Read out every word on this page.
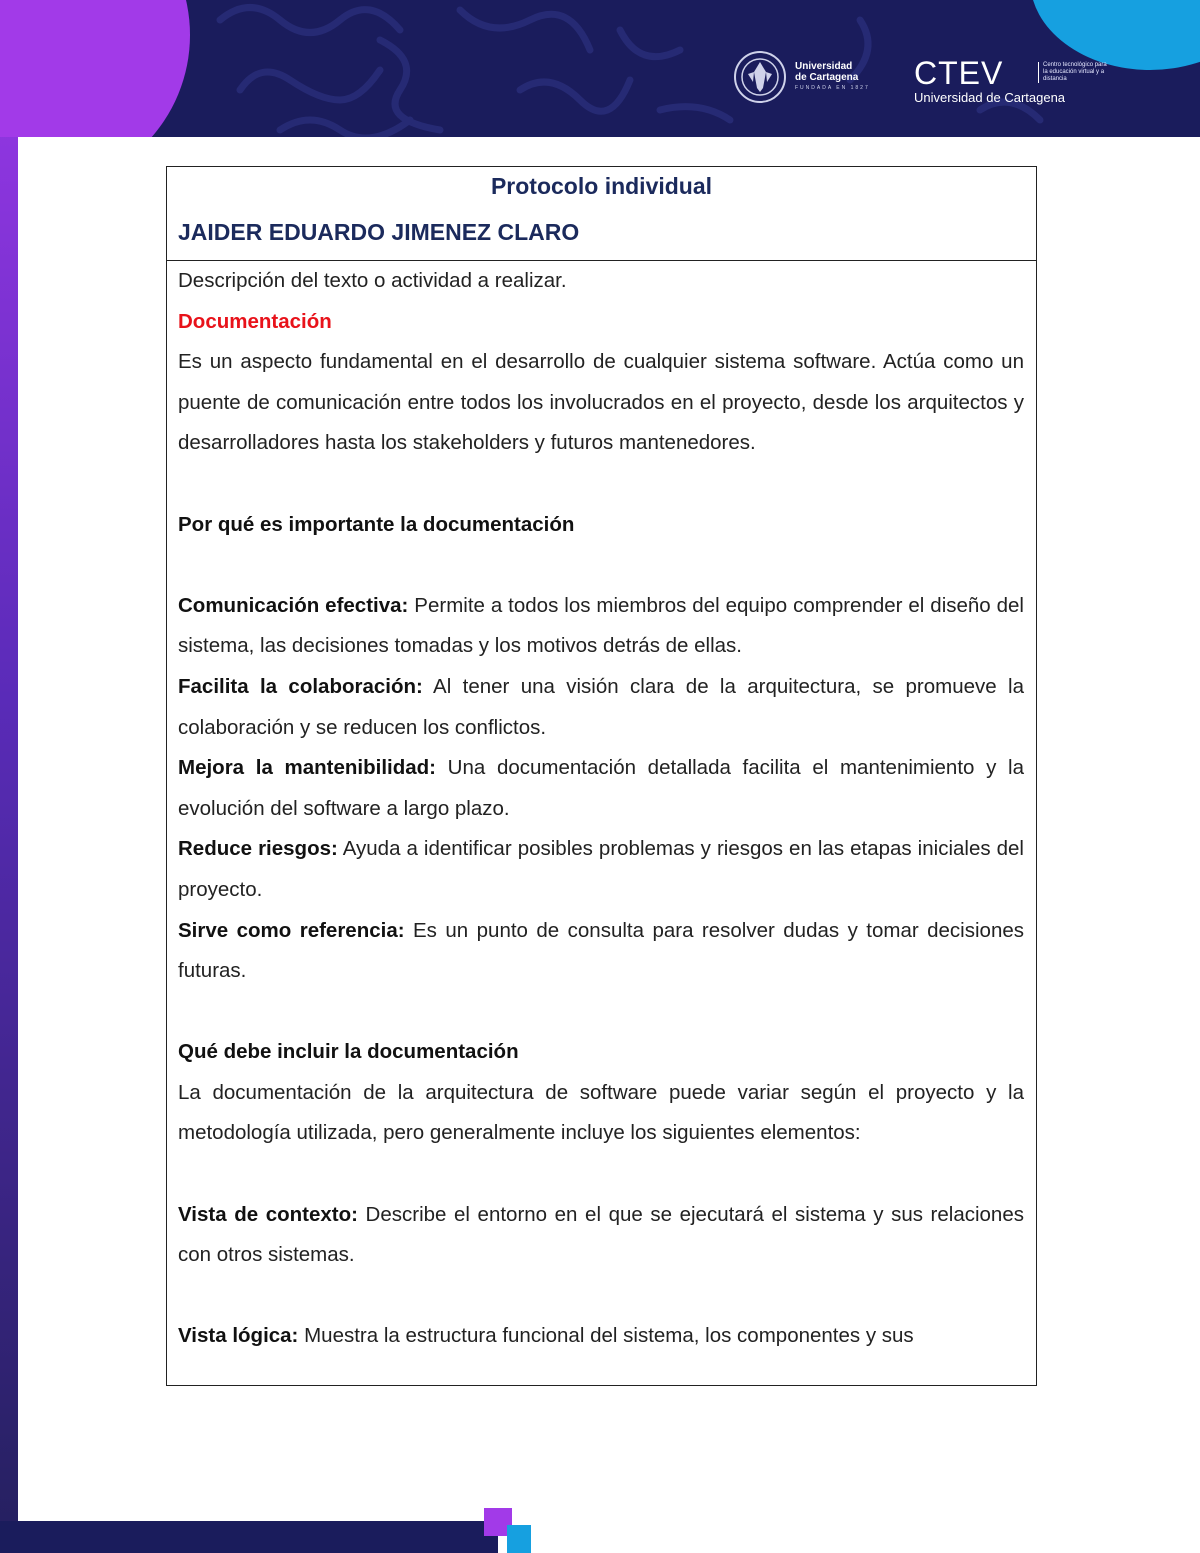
Universidad
de Cartagena
FUNDADA EN 1827 CTEV
Universidad de Cartagena
Centro tecnológico para la educación virtual y a distancia
Protocolo individual
JAIDER EDUARDO JIMENEZ CLARO

Descripción del texto o actividad a realizar.

Documentación

Es un aspecto fundamental en el desarrollo de cualquier sistema software. Actúa como un puente de comunicación entre todos los involucrados en el proyecto, desde los arquitectos y desarrolladores hasta los stakeholders y futuros mantenedores.

Por qué es importante la documentación

Comunicación efectiva: Permite a todos los miembros del equipo comprender el diseño del sistema, las decisiones tomadas y los motivos detrás de ellas.

Facilita la colaboración: Al tener una visión clara de la arquitectura, se promueve la colaboración y se reducen los conflictos.

Mejora la mantenibilidad: Una documentación detallada facilita el mantenimiento y la evolución del software a largo plazo.

Reduce riesgos: Ayuda a identificar posibles problemas y riesgos en las etapas iniciales del proyecto.

Sirve como referencia: Es un punto de consulta para resolver dudas y tomar decisiones futuras.

Qué debe incluir la documentación

La documentación de la arquitectura de software puede variar según el proyecto y la metodología utilizada, pero generalmente incluye los siguientes elementos:

Vista de contexto: Describe el entorno en el que se ejecutará el sistema y sus relaciones con otros sistemas.

Vista lógica: Muestra la estructura funcional del sistema, los componentes y sus
